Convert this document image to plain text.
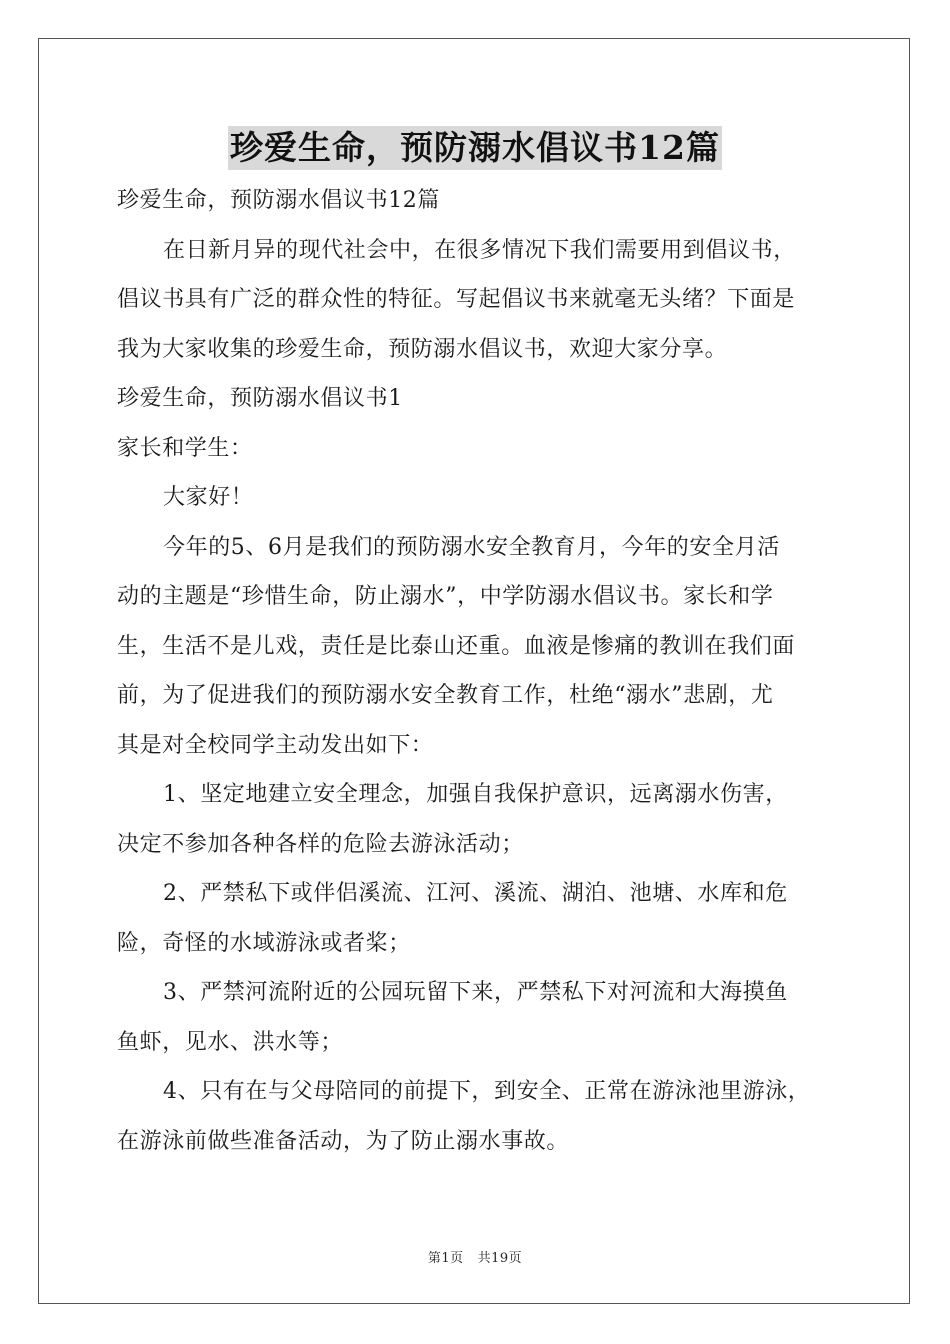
珍爱生命，预防溺水倡议书12篇
珍爱生命，预防溺水倡议书12篇
在日新月异的现代社会中，在很多情况下我们需要用到倡议书，
倡议书具有广泛的群众性的特征。写起倡议书来就毫无头绪？下面是
我为大家收集的珍爱生命，预防溺水倡议书，欢迎大家分享。
珍爱生命，预防溺水倡议书1
家长和学生：
大家好！
今年的5、6月是我们的预防溺水安全教育月，今年的安全月活
动的主题是“珍惜生命，防止溺水”，中学防溺水倡议书。家长和学
生，生活不是儿戏，责任是比泰山还重。血液是惨痛的教训在我们面
前，为了促进我们的预防溺水安全教育工作，杜绝“溺水”悲剧，尤
其是对全校同学主动发出如下：
1、坚定地建立安全理念，加强自我保护意识，远离溺水伤害，
决定不参加各种各样的危险去游泳活动；
2、严禁私下或伴侣溪流、江河、溪流、湖泊、池塘、水库和危
险，奇怪的水域游泳或者桨；
3、严禁河流附近的公园玩留下来，严禁私下对河流和大海摸鱼
鱼虾，见水、洪水等；
4、只有在与父母陪同的前提下，到安全、正常在游泳池里游泳，
在游泳前做些准备活动，为了防止溺水事故。
第1页 共19页
